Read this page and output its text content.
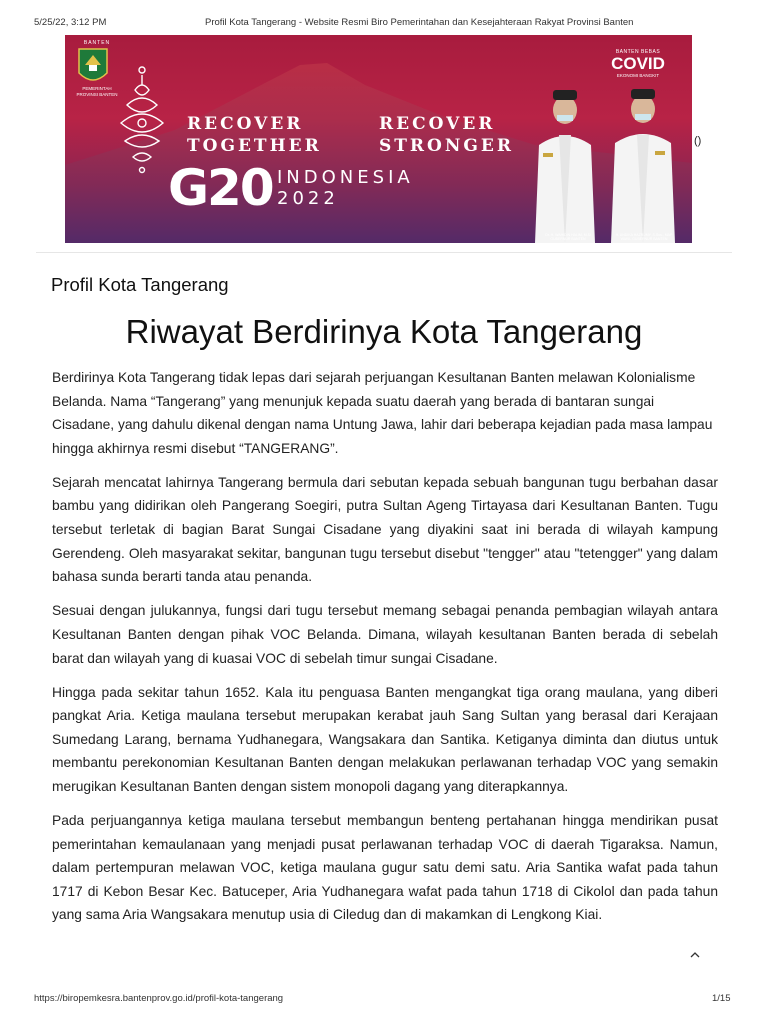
5/25/22, 3:12 PM	Profil Kota Tangerang - Website Resmi Biro Pemerintahan dan Kesejahteraan Rakyat Provinsi Banten
BANTEN
PEMERINTAH
PROVINSI BANTEN
RECOVER
TOGETHER
RECOVER
STRONGER
G20 INDONESIA
2022
BANTEN BEBAS
COVID
EKONOMI BANGKIT
Dr. H. WAHIDIN HALIM, M.Si
GUBERNUR BANTEN
H. ANDIKA HAZRUMY, S.Sos., MAP
WAKIL GUBERNUR BANTEN
()
Profil Kota Tangerang
Riwayat Berdirinya Kota Tangerang

Berdirinya Kota Tangerang tidak lepas dari sejarah perjuangan Kesultanan Banten melawan Kolonialisme Belanda. Nama “Tangerang” yang menunjuk kepada suatu daerah yang berada di bantaran sungai Cisadane, yang dahulu dikenal dengan nama Untung Jawa, lahir dari beberapa kejadian pada masa lampau hingga akhirnya resmi disebut “TANGERANG”.

Sejarah mencatat lahirnya Tangerang bermula dari sebutan kepada sebuah bangunan tugu berbahan dasar bambu yang didirikan oleh Pangerang Soegiri, putra Sultan Ageng Tirtayasa dari Kesultanan Banten. Tugu tersebut terletak di bagian Barat Sungai Cisadane yang diyakini saat ini berada di wilayah kampung Gerendeng. Oleh masyarakat sekitar, bangunan tugu tersebut disebut "tengger" atau "tetengger" yang dalam bahasa sunda berarti tanda atau penanda.

Sesuai dengan julukannya, fungsi dari tugu tersebut memang sebagai penanda pembagian wilayah antara Kesultanan Banten dengan pihak VOC Belanda. Dimana, wilayah kesultanan Banten berada di sebelah barat dan wilayah yang di kuasai VOC di sebelah timur sungai Cisadane.

Hingga pada sekitar tahun 1652. Kala itu penguasa Banten mengangkat tiga orang maulana, yang diberi pangkat Aria. Ketiga maulana tersebut merupakan kerabat jauh Sang Sultan yang berasal dari Kerajaan Sumedang Larang, bernama Yudhanegara, Wangsakara dan Santika. Ketiganya diminta dan diutus untuk membantu perekonomian Kesultanan Banten dengan melakukan perlawanan terhadap VOC yang semakin merugikan Kesultanan Banten dengan sistem monopoli dagang yang diterapkannya.

Pada perjuangannya ketiga maulana tersebut membangun benteng pertahanan hingga mendirikan pusat pemerintahan kemaulanaan yang menjadi pusat perlawanan terhadap VOC di daerah Tigaraksa. Namun, dalam pertempuran melawan VOC, ketiga maulana gugur satu demi satu. Aria Santika wafat pada tahun 1717 di Kebon Besar Kec. Batuceper, Aria Yudhanegara wafat pada tahun 1718 di Cikolol dan pada tahun yang sama Aria Wangsakara menutup usia di Ciledug dan di makamkan di Lengkong Kiai.

https://biropemkesra.bantenprov.go.id/profil-kota-tangerang	1/15
